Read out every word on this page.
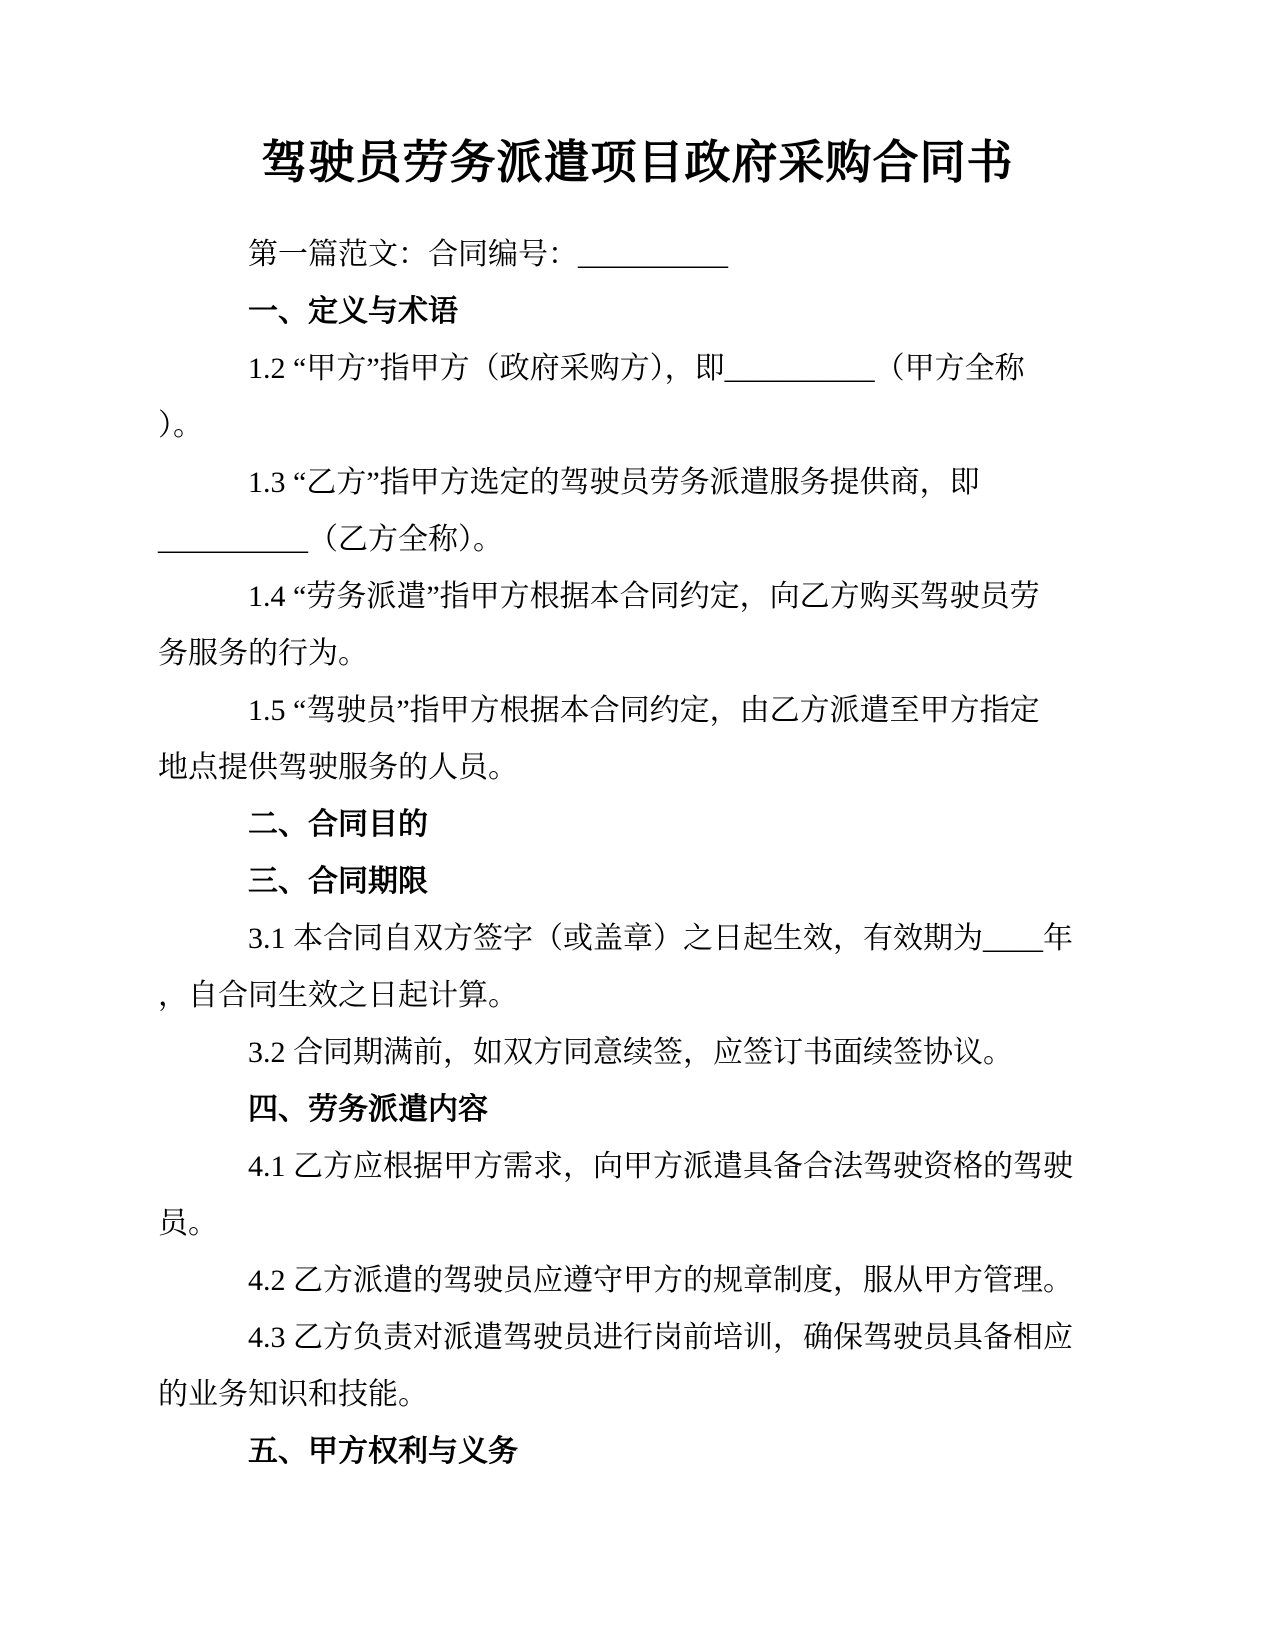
驾驶员劳务派遣项目政府采购合同书
第一篇范文：合同编号：__________
一、定义与术语
1.2 “甲方”指甲方（政府采购方），即__________（甲方全称
）。
1.3 “乙方”指甲方选定的驾驶员劳务派遣服务提供商，即
__________（乙方全称）。
1.4 “劳务派遣”指甲方根据本合同约定，向乙方购买驾驶员劳
务服务的行为。
1.5 “驾驶员”指甲方根据本合同约定，由乙方派遣至甲方指定
地点提供驾驶服务的人员。
二、合同目的
三、合同期限
3.1 本合同自双方签字（或盖章）之日起生效，有效期为____年
，自合同生效之日起计算。
3.2 合同期满前，如双方同意续签，应签订书面续签协议。
四、劳务派遣内容
4.1 乙方应根据甲方需求，向甲方派遣具备合法驾驶资格的驾驶
员。
4.2 乙方派遣的驾驶员应遵守甲方的规章制度，服从甲方管理。
4.3 乙方负责对派遣驾驶员进行岗前培训，确保驾驶员具备相应
的业务知识和技能。
五、甲方权利与义务
